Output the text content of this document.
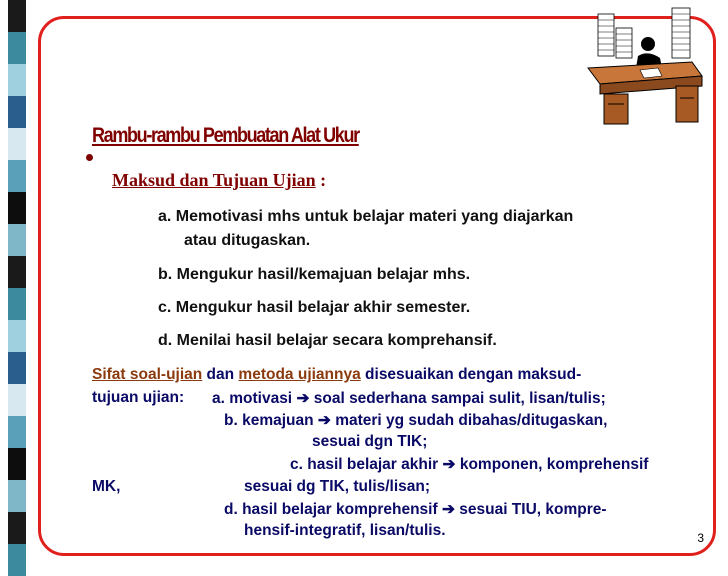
Rambu-rambu Pembuatan Alat Ukur
Maksud dan Tujuan Ujian :
a. Memotivasi mhs untuk belajar materi yang diajarkan
atau ditugaskan.
b. Mengukur hasil/kemajuan belajar mhs.
c. Mengukur hasil belajar akhir semester.
d. Menilai hasil belajar secara komprehansif.
Sifat soal-ujian dan metoda ujiannya disesuaikan dengan maksud-
tujuan ujian: a. motivasi ➔ soal sederhana sampai sulit, lisan/tulis;
b. kemajuan ➔ materi yg sudah dibahas/ditugaskan,
sesuai dgn TIK;
c. hasil belajar akhir ➔ komponen, komprehensif
MK,	sesuai dg TIK, tulis/lisan;
d. hasil belajar komprehensif ➔ sesuai TIU, kompre-
hensif-integratif, lisan/tulis.	3
